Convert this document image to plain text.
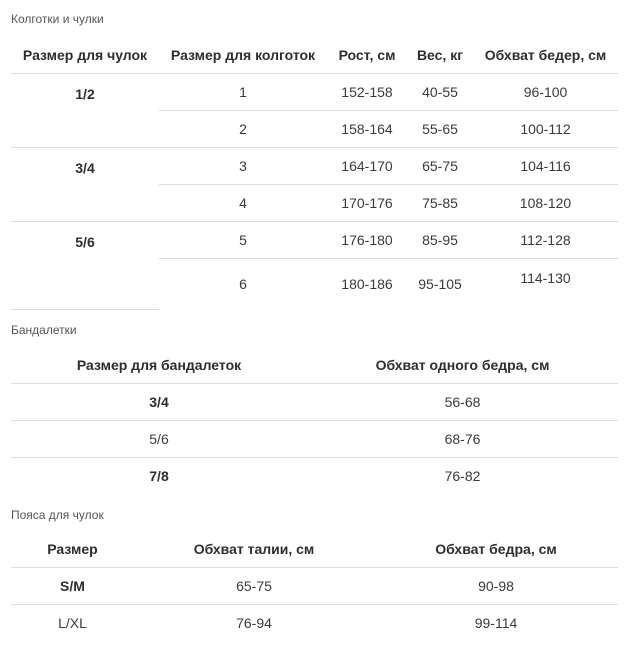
Колготки и чулки
Размер для чулок	Размер для колготок	Рост, см	Вес, кг	Обхват бедер, см
1/2	1	152-158	40-55	96-100
	2	158-164	55-65	100-112
3/4	3	164-170	65-75	104-116
	4	170-176	75-85	108-120
5/6	5	176-180	85-95	112-128
	6	180-186	95-105	114-130
Бандалетки
Размер для бандалеток	Обхват одного бедра, см
3/4	56-68
5/6	68-76
7/8	76-82
Пояса для чулок
Размер	Обхват талии, см	Обхват бедра, см
S/M	65-75	90-98
L/XL	76-94	99-114
